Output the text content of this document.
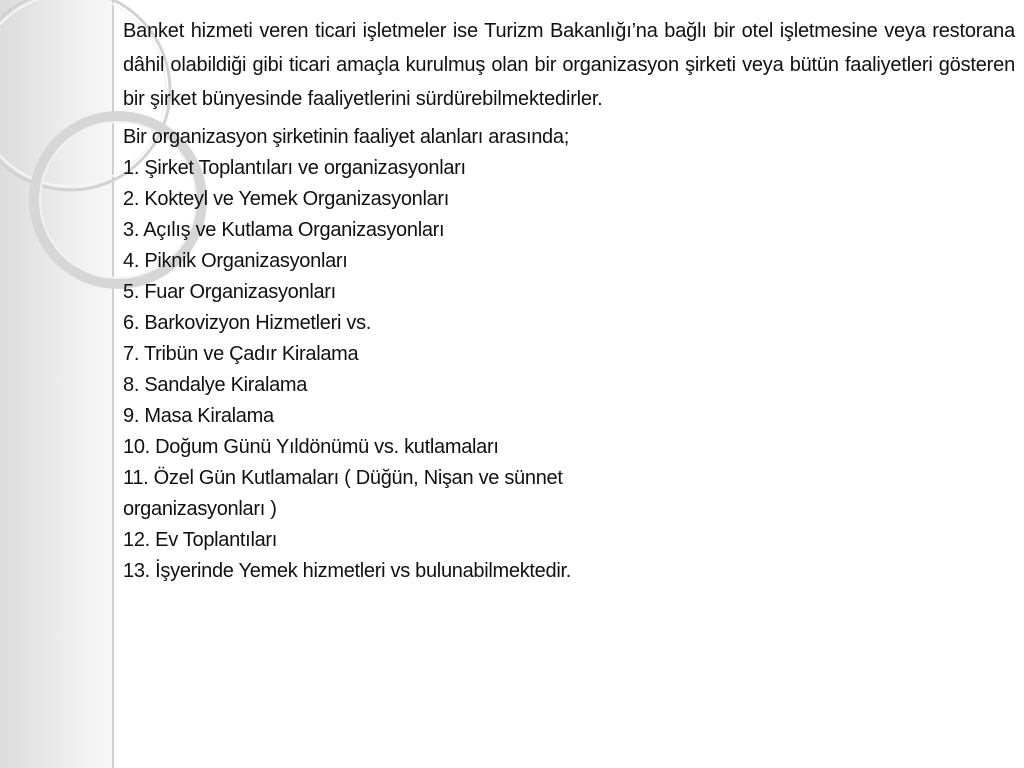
Banket hizmeti veren ticari işletmeler ise Turizm Bakanlığı’na bağlı bir otel işletmesine veya restorana dâhil olabildiği gibi ticari amaçla kurulmuş olan bir organizasyon şirketi veya bütün faaliyetleri gösteren bir şirket bünyesinde faaliyetlerini sürdürebilmektedirler.

Bir organizasyon şirketinin faaliyet alanları arasında;

1. Şirket Toplantıları ve organizasyonları
2. Kokteyl ve Yemek Organizasyonları
3. Açılış ve Kutlama Organizasyonları
4. Piknik Organizasyonları
5. Fuar Organizasyonları
6. Barkovizyon Hizmetleri vs.
7. Tribün ve Çadır Kiralama
8. Sandalye Kiralama
9. Masa Kiralama
10. Doğum Günü Yıldönümü vs. kutlamaları
11. Özel Gün Kutlamaları ( Düğün, Nişan ve sünnet organizasyonları )
12. Ev Toplantıları
13. İşyerinde Yemek hizmetleri vs bulunabilmektedir.
